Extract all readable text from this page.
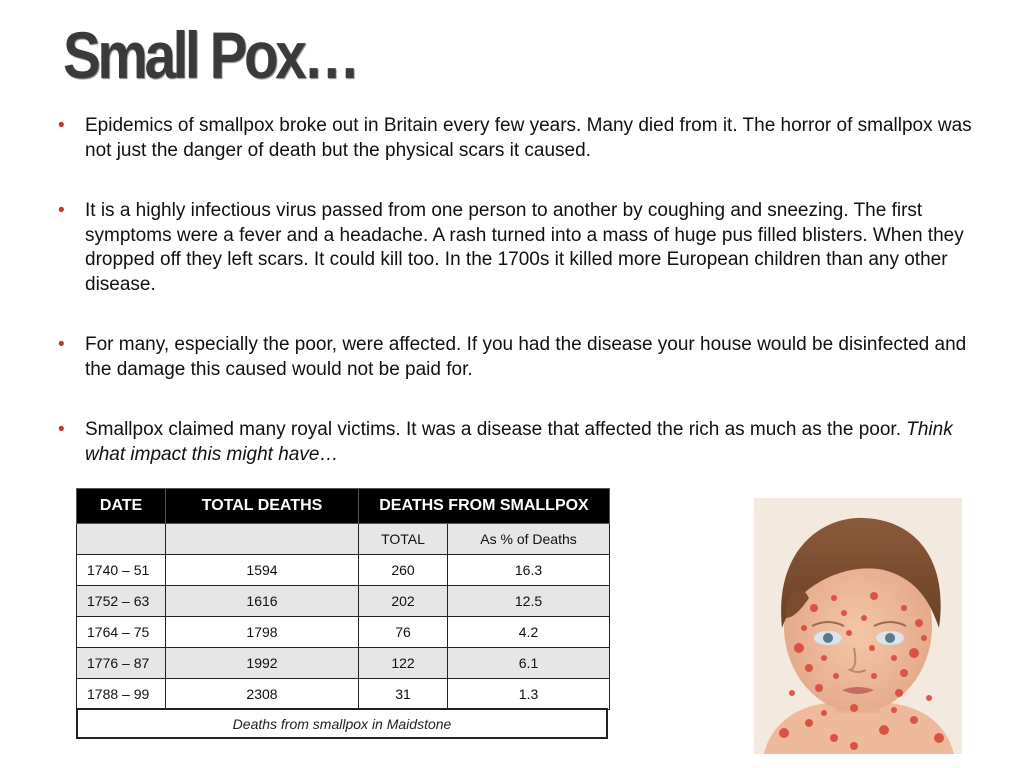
Small Pox…
• Epidemics of smallpox broke out in Britain every few years. Many died from it. The horror of smallpox was not just the danger of death but the physical scars it caused.
• It is a highly infectious virus passed from one person to another by coughing and sneezing. The first symptoms were a fever and a headache. A rash turned into a mass of huge pus filled blisters. When they dropped off they left scars. It could kill too. In the 1700s it killed more European children than any other disease.
• For many, especially the poor, were affected. If you had the disease your house would be disinfected and the damage this caused would not be paid for.
• Smallpox claimed many royal victims. It was a disease that affected the rich as much as the poor. Think what impact this might have…
DATE	TOTAL DEATHS	DEATHS FROM SMALLPOX	
		TOTAL	As % of Deaths
1740 – 51	1594	260	16.3
1752 – 63	1616	202	12.5
1764 – 75	1798	76	4.2
1776 – 87	1992	122	6.1
1788 – 99	2308	31	1.3
Deaths from smallpox in Maidstone
